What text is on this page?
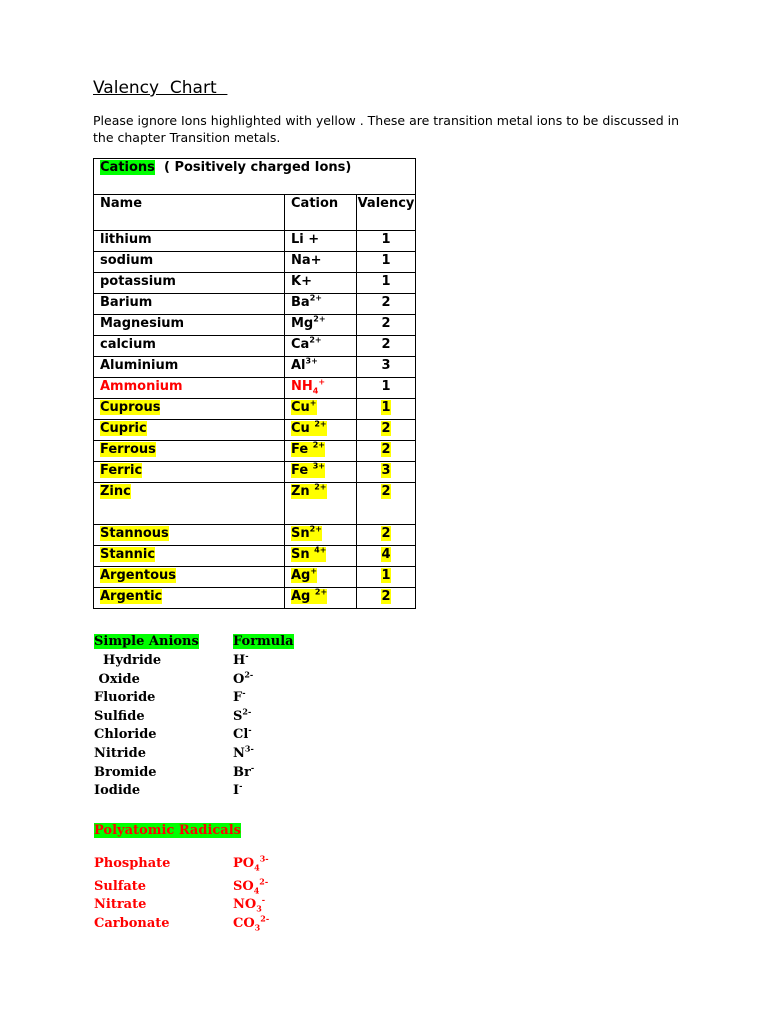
Valency  Chart
Please ignore Ions highlighted with yellow . These are transition metal ions to be discussed in the chapter Transition metals.
Cations  ( Positively charged Ions)		
Name	Cation	Valency
lithium	Li +	1
sodium	Na+	1
potassium	K+	1
Barium	$Ba^{2+}$	2
Magnesium	$Mg^{2+}$	2
calcium	$Ca^{2+}$	2
Aluminium	$Al^{3+}$	3
Ammonium	$NH_4^+$	1
Cuprous	Cu+	1
Cupric	Cu $^{2+}$	2
Ferrous	Fe $^{2+}$	2
Ferric	Fe $^{3+}$	3
Zinc	Zn $^{2+}$	2
Stannous	$Sn^{2+}$	2
Stannic	Sn $^{4+}$	4
Argentous	Ag+	1
Argentic	Ag $^{2+}$	2
Simple Anions	Formula
Hydride	H-
Oxide	$O^{2-}$
Fluoride	F-
Sulfide	$S^{2-}$
Chloride	Cl-
Nitride	$N^{3-}$
Bromide	Br-
Iodide	I-
Polyatomic Radicals
Phosphate	$PO_4^{3-}$
Sulfate	$SO_4^{2-}$
Nitrate	$NO_3^-$
Carbonate	$CO_3^{2-}$
